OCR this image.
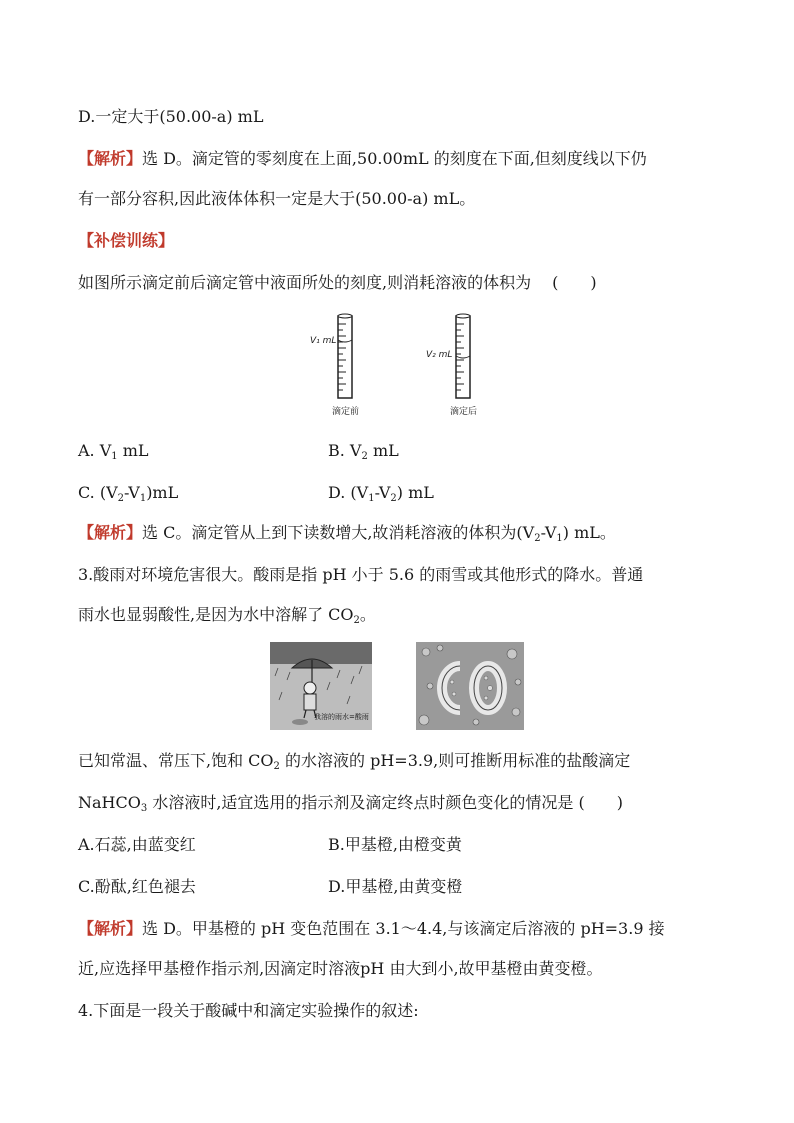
D.一定大于(50.00-a) mL
【解析】选 D。滴定管的零刻度在上面,50.00mL 的刻度在下面,但刻度线以下仍
有一部分容积,因此液体体积一定是大于(50.00-a) mL。
【补偿训练】
如图所示滴定前后滴定管中液面所处的刻度,则消耗溶液的体积为　 (　　)
V₁ mL
V₂ mL
滴定前	滴定后
A. $V_1$ mL	B. $V_2$ mL
C. $(V_2-V_1)mL$	D. $(V_1-V_2)$ mL
【解析】选 C。滴定管从上到下读数增大,故消耗溶液的体积为$(V_2-V_1)$ mL。
3.酸雨对环境危害很大。酸雨是指 pH 小于 5.6 的雨雪或其他形式的降水。普通
雨水也显弱酸性,是因为水中溶解了 $CO_2$。
我溶的雨水=酸雨
已知常温、常压下,饱和 $CO_2$ 的水溶液的 pH=3.9,则可推断用标准的盐酸滴定
NaHCO$_3$ 水溶液时,适宜选用的指示剂及滴定终点时颜色变化的情况是 (　　)
A.石蕊,由蓝变红	B.甲基橙,由橙变黄
C.酚酞,红色褪去	D.甲基橙,由黄变橙
【解析】选 D。甲基橙的 pH 变色范围在 3.1～4.4,与该滴定后溶液的 pH=3.9 接
近,应选择甲基橙作指示剂,因滴定时溶液pH 由大到小,故甲基橙由黄变橙。
4.下面是一段关于酸碱中和滴定实验操作的叙述:
